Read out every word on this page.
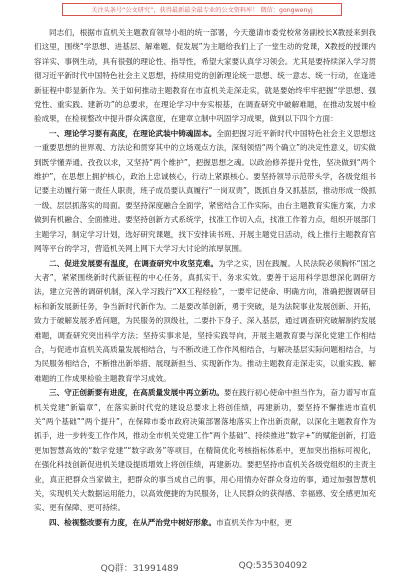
关注头条号“公文研究”，获得最新最全最专业的公文资料库！ 微信：gongwenyj

同志们，根据市直机关主题教育领导小组的统一部署，今天邀请市委党校常务副校长X教授来到我们这里，围绕“学思想、进基层、解难题、促发展”为主题给我们上了一堂生动的党课，X教授的授课内容详实、事例生动，具有很强的理论性、指导性，希望大家要认真学习领会。尤其是要持续深入学习贯彻习近平新时代中国特色社会主义思想，持续用党的创新理论统一思想、统一意志、统一行动，在逢进新征程中彰显新作为。关于如何推动主题教育在市直机关走深走实，就是要始终牢牢把握“学思想、强党性、重实践、建新功”的总要求，在理论学习中夯实根基，在调查研究中破解难题，在推动发展中检验成果，在检视整改中提升群众满意度，在建章立制中巩固学习成果，做到以下四个方面：

一、理论学习要有高度，在理论武装中铸魂固本。全面把握习近平新时代中国特色社会主义思想这一重要思想的世界观、方法论和贯穿其中的立场观点方法，深刻领悟“两个确立”的决定性意义，切实做到既学懂弄通、孜孜以求，又坚持“两个维护”，把握思想之魂。以政治修养提升党性，坚决做到“两个维护”，在思想上拥护核心，政治上忠诚核心，行动上紧跟核心。要坚持领导示范带头学，各级党组书记要主动履行第一责任人职责，班子成员要认真履行“一岗双责”，既抓自身又抓基层，推动形成一级抓一级、层层抓落实的局面。要坚持深度融合全面学，紧密结合工作实际，由台主题教育实施方案，力求做到有机融合、全面推进。要坚持创新方式系统学，找准工作切入点，找准工作着力点，组织开展部门主题学习，制定学习计划，选好研究课题，找下安排读书班、开展主题党日活动，线上推行主题教育官网等平台的学习，营造机关网上网下大学习大讨论的浓厚氛围。

二、促进发展要有温度，在调查研究中攻坚克难。为学之实，因在践履。人民法院必须胸怀“国之大者”，紧紧围绕新时代新征程的中心任务，真抓实干、务求实效。要善于运用科学思想深化调研方法，建立完善的调研机制，深入学习践行“XX工程经验”，一要牢记使命、明确方向，准确把握调研目标和新发展新任务，争当新时代新作为。二是要改革创新，勇于突破，是为法院事业发展创新、开拓，致力于破解发展矛盾问题，为民服务的顶级社，二要扑下身子、深入基层，通过调查研究破解制约发展难题，调查研究突出科学方法；坚持实事求是，坚持实践导向，开展主题教育要与深化党建工作相结合，与促进市直机关高质量发展相结合，与不断改进工作作风相结合，与解决基层实际问题相结合，与为民服务相结合，不断推出新举措、展现新担当、实现新作为。推动主题教育走深走实，以重实践、解难题的工作成果检验主题教育学习成效。

三、守正创新要有进度，在高质量发展中再立新功。要在践行初心使命中担当作为，奋力谱写市直机关党建“新篇章”，在落实新时代党的建设总要求上将创佳绩，再建新功，要坚持不懈推进市直机关“两个基础”“两个提升”，在保障市委市政府决策部署落地落实上作出新贡献，以深化主题教育作为抓手，进一步转变工作作风，推动全市机关党建工作“两个基础”、持续推进“数字+”的赋能创新，打造更加智慧高效的“数字党建”“数字政务”等项目，在精简优化考核指标体系中，更加突出指标可视化，在强化科技创新促进机关建设提质增效上将创佳绩，再建新功。要把坚持市直机关各级党组织的主责主业，真正把群众当家做主，把群众的事当成自己的事，用心用情办好群众身边的事，通过加强智慧机关，实现机关大数据运用能力，以高效便捷的为民服务，让人民群众的获得感、幸福感、安全感更加充实、更有保障、更可持续。

四、检视整改要有力度，在从严治党中树好形象。市直机关作为中枢，更

QQ群：31991489	QQ:535304092
